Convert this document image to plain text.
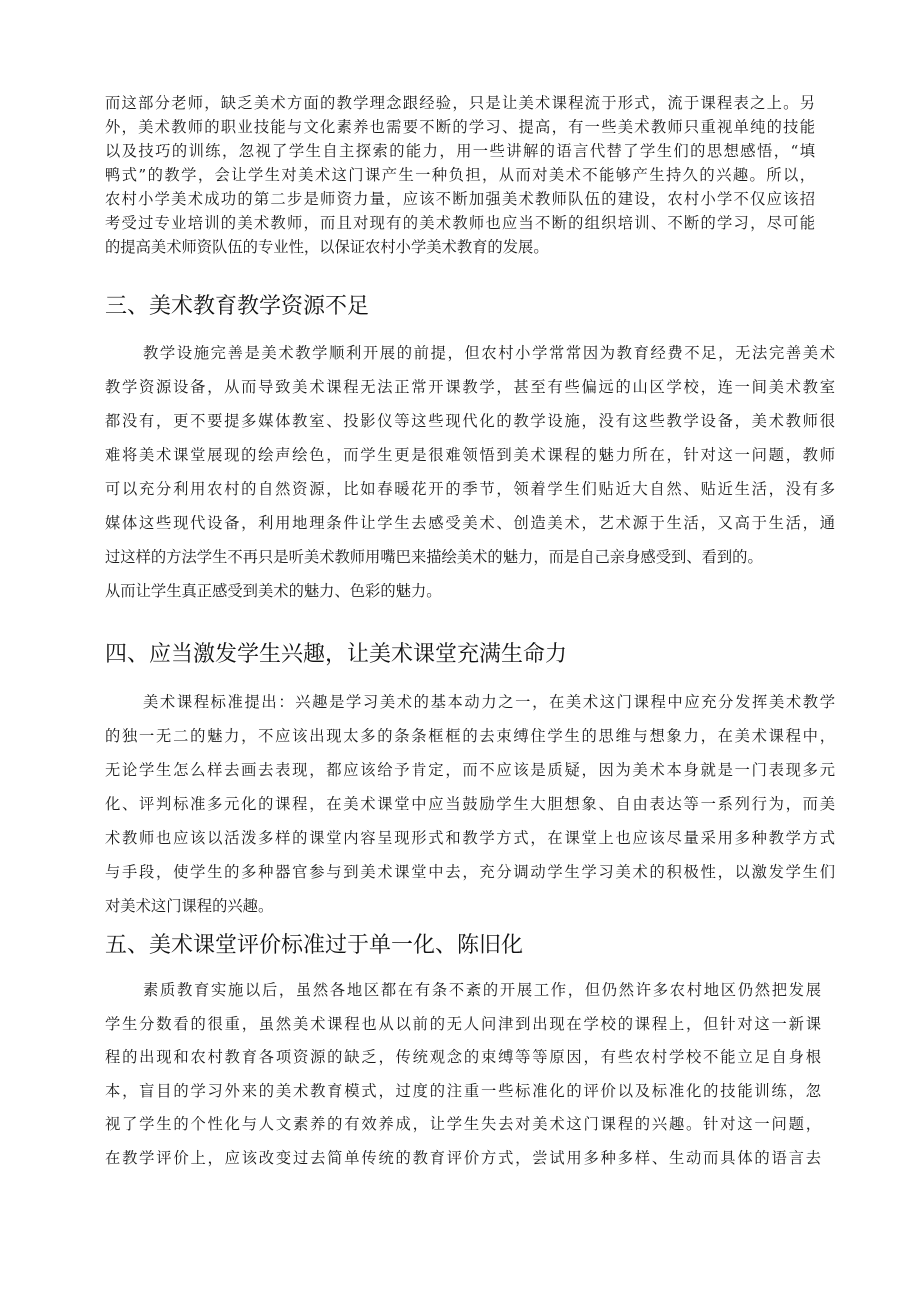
而这部分老师，缺乏美术方面的教学理念跟经验，只是让美术课程流于形式，流于课程表之上。另
外，美术教师的职业技能与文化素养也需要不断的学习、提高，有一些美术教师只重视单纯的技能
以及技巧的训练，忽视了学生自主探索的能力，用一些讲解的语言代替了学生们的思想感悟，“填
鸭式”的教学，会让学生对美术这门课产生一种负担，从而对美术不能够产生持久的兴趣。所以，
农村小学美术成功的第二步是师资力量，应该不断加强美术教师队伍的建设，农村小学不仅应该招
考受过专业培训的美术教师，而且对现有的美术教师也应当不断的组织培训、不断的学习，尽可能
的提高美术师资队伍的专业性，以保证农村小学美术教育的发展。
三、美术教育教学资源不足
教学设施完善是美术教学顺利开展的前提，但农村小学常常因为教育经费不足，无法完善美术
教学资源设备，从而导致美术课程无法正常开课教学，甚至有些偏远的山区学校，连一间美术教室
都没有，更不要提多媒体教室、投影仪等这些现代化的教学设施，没有这些教学设备，美术教师很
难将美术课堂展现的绘声绘色，而学生更是很难领悟到美术课程的魅力所在，针对这一问题，教师
可以充分利用农村的自然资源，比如春暖花开的季节，领着学生们贴近大自然、贴近生活，没有多
媒体这些现代设备，利用地理条件让学生去感受美术、创造美术，艺术源于生活，又高于生活，通
过这样的方法学生不再只是听美术教师用嘴巴来描绘美术的魅力，而是自己亲身感受到、看到的。
从而让学生真正感受到美术的魅力、色彩的魅力。
四、应当激发学生兴趣，让美术课堂充满生命力
美术课程标准提出：兴趣是学习美术的基本动力之一，在美术这门课程中应充分发挥美术教学
的独一无二的魅力，不应该出现太多的条条框框的去束缚住学生的思维与想象力，在美术课程中，
无论学生怎么样去画去表现，都应该给予肯定，而不应该是质疑，因为美术本身就是一门表现多元
化、评判标准多元化的课程，在美术课堂中应当鼓励学生大胆想象、自由表达等一系列行为，而美
术教师也应该以活泼多样的课堂内容呈现形式和教学方式，在课堂上也应该尽量采用多种教学方式
与手段，使学生的多种器官参与到美术课堂中去，充分调动学生学习美术的积极性，以激发学生们
对美术这门课程的兴趣。
五、美术课堂评价标准过于单一化、陈旧化
素质教育实施以后，虽然各地区都在有条不紊的开展工作，但仍然许多农村地区仍然把发展
学生分数看的很重，虽然美术课程也从以前的无人问津到出现在学校的课程上，但针对这一新课
程的出现和农村教育各项资源的缺乏，传统观念的束缚等等原因，有些农村学校不能立足自身根
本，盲目的学习外来的美术教育模式，过度的注重一些标准化的评价以及标准化的技能训练，忽
视了学生的个性化与人文素养的有效养成，让学生失去对美术这门课程的兴趣。针对这一问题，
在教学评价上，应该改变过去简单传统的教育评价方式，尝试用多种多样、生动而具体的语言去
